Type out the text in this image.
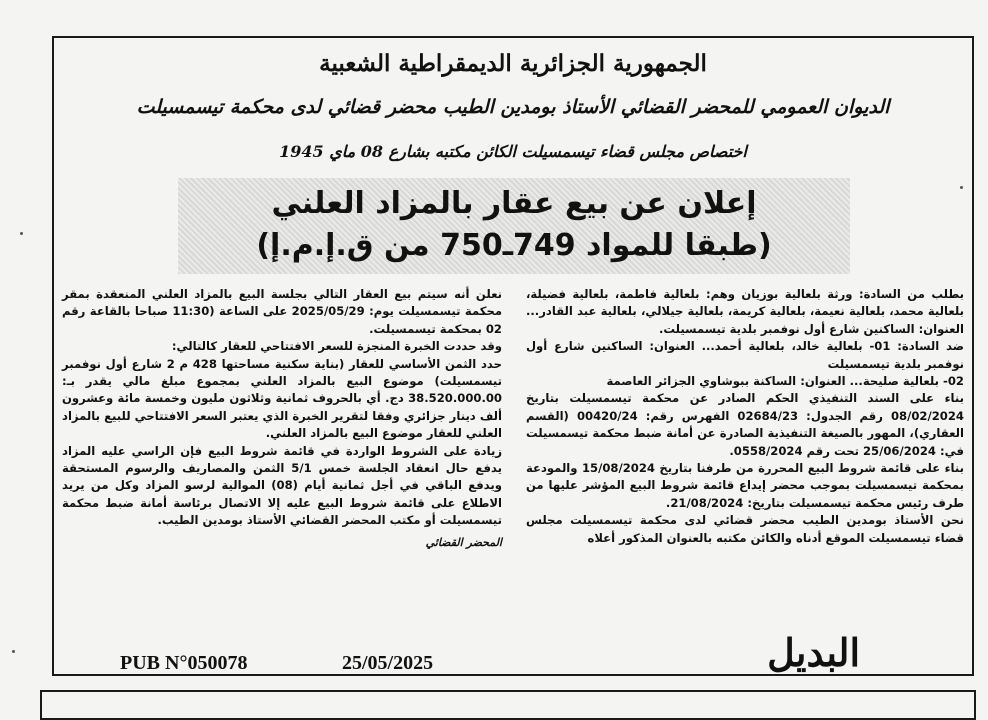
الجمهورية الجزائرية الديمقراطية الشعبية
الديوان العمومي للمحضر القضائي الأستاذ بومدين الطيب محضر قضائي لدى محكمة تيسمسيلت
اختصاص مجلس قضاء تيسمسيلت الكائن مكتبه بشارع 08 ماي 1945
إعلان عن بيع عقار بالمزاد العلني
(طبقا للمواد 749ـ750 من ق.إ.م.إ)

بطلب من السادة: ورثة بلعالية بوزيان وهم: بلعالية فاطمة، بلعالية فضيلة، بلعالية محمد، بلعالية نعيمة، بلعالية كريمة، بلعالية جيلالي، بلعالية عبد القادر... العنوان: الساكنين شارع أول نوفمبر بلدية تيسمسيلت.

ضد السادة: 01- بلعالية خالد، بلعالية أحمد... العنوان: الساكنين شارع أول نوفمبر بلدية تيسمسيلت

02- بلعالية صليحة... العنوان: الساكنة ببوشاوي الجزائر العاصمة

بناء على السند التنفيذي الحكم الصادر عن محكمة تيسمسيلت بتاريخ 08/02/2024 رقم الجدول: 02684/23 الفهرس رقم: 00420/24 (القسم العقاري)، المهور بالصيغة التنفيذية الصادرة عن أمانة ضبط محكمة تيسمسيلت في: 25/06/2024 تحت رقم 0558/2024.

بناء على قائمة شروط البيع المحررة من طرفنا بتاريخ 15/08/2024 والمودعة بمحكمة تيسمسيلت بموجب محضر إيداع قائمة شروط البيع المؤشر عليها من طرف رئيس محكمة تيسمسيلت بتاريخ: 21/08/2024.

نحن الأستاذ بومدين الطيب محضر قضائي لدى محكمة تيسمسيلت مجلس قضاء تيسمسيلت الموقع أدناه والكائن مكتبه بالعنوان المذكور أعلاه

نعلن أنه سيتم بيع العقار التالي بجلسة البيع بالمزاد العلني المنعقدة بمقر محكمة تيسمسيلت يوم: 2025/05/29 على الساعة (11:30 صباحا بالقاعة رقم 02 بمحكمة تيسمسيلت.

وقد حددت الخبرة المنجزة للسعر الافتتاحي للعقار كالتالي:

حدد الثمن الأساسي للعقار (بناية سكنية مساحتها 428 م 2 شارع أول نوفمبر تيسمسيلت) موضوع البيع بالمزاد العلني بمجموع مبلغ مالي يقدر بـ: 38.520.000.00 دج. أي بالحروف ثمانية وثلاثون مليون وخمسة مائة وعشرون ألف دينار جزائري وفقا لتقرير الخبرة الذي يعتبر السعر الافتتاحي للبيع بالمزاد العلني للعقار موضوع البيع بالمزاد العلني.

زيادة على الشروط الواردة في قائمة شروط البيع فإن الراسي عليه المزاد يدفع حال انعقاد الجلسة خمس 5/1 الثمن والمصاريف والرسوم المستحقة ويدفع الباقي في أجل ثمانية أيام (08) الموالية لرسو المزاد وكل من يريد الاطلاع على قائمة شروط البيع عليه إلا الاتصال برئاسة أمانة ضبط محكمة تيسمسيلت أو مكتب المحضر القضائي الأستاذ بومدين الطيب.

المحضر القضائي

البديل
PUB N°050078	25/05/2025
